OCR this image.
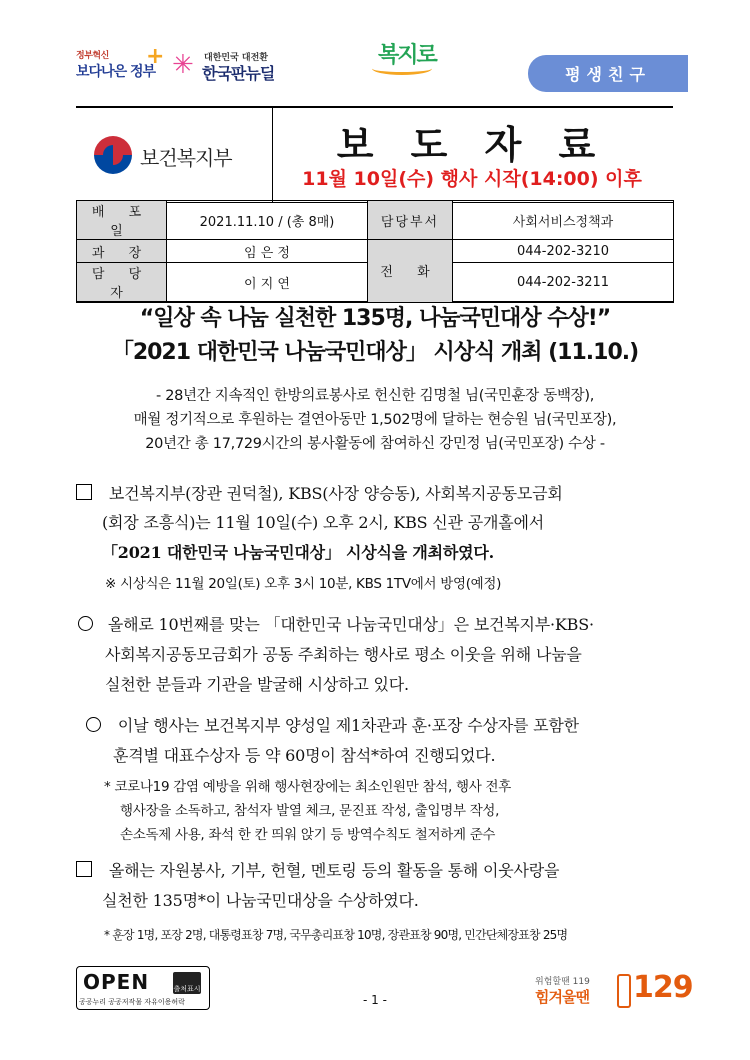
정부혁신
보다나은 정부
+ ✳ 대한민국 대전환
한국판뉴딜
복지로
평생친구
보건복지부	보 도 자 료
11월 10일(수) 행사 시작(14:00) 이후
배 포 일	2021.11.10 / (총 8매)	담당부서	사회서비스정책과
과 장	임 은 정	전 화	044-202-3210
담 당 자	이 지 연		044-202-3211
“일상 속 나눔 실천한 135명, 나눔국민대상 수상!”
「2021 대한민국 나눔국민대상」 시상식 개최 (11.10.)
- 28년간 지속적인 한방의료봉사로 헌신한 김명철 님(국민훈장 동백장),
매월 정기적으로 후원하는 결연아동만 1,502명에 달하는 현승원 님(국민포장),
20년간 총 17,729시간의 봉사활동에 참여하신 강민정 님(국민포장) 수상 -
보건복지부(장관 권덕철), KBS(사장 양승동), 사회복지공동모금회
(회장 조흥식)는 11월 10일(수) 오후 2시, KBS 신관 공개홀에서
「2021 대한민국 나눔국민대상」 시상식을 개최하였다.
※ 시상식은 11월 20일(토) 오후 3시 10분, KBS 1TV에서 방영(예정)
올해로 10번째를 맞는 「대한민국 나눔국민대상」은 보건복지부·KBS·
사회복지공동모금회가 공동 주최하는 행사로 평소 이웃을 위해 나눔을
실천한 분들과 기관을 발굴해 시상하고 있다.
이날 행사는 보건복지부 양성일 제1차관과 훈·포장 수상자를 포함한
훈격별 대표수상자 등 약 60명이 참석*하여 진행되었다.
* 코로나19 감염 예방을 위해 행사현장에는 최소인원만 참석, 행사 전후
행사장을 소독하고, 참석자 발열 체크, 문진표 작성, 출입명부 작성,
손소독제 사용, 좌석 한 칸 띄워 앉기 등 방역수칙도 철저하게 준수
올해는 자원봉사, 기부, 헌혈, 멘토링 등의 활동을 통해 이웃사랑을
실천한 135명*이 나눔국민대상을 수상하였다.
* 훈장 1명, 포장 2명, 대통령표창 7명, 국무총리표창 10명, 장관표창 90명, 민간단체장표창 25명
OPEN	출처표시
공공누리 공공저작물 자유이용허락	- 1 -
위험할땐 119
힘겨울땐 129
